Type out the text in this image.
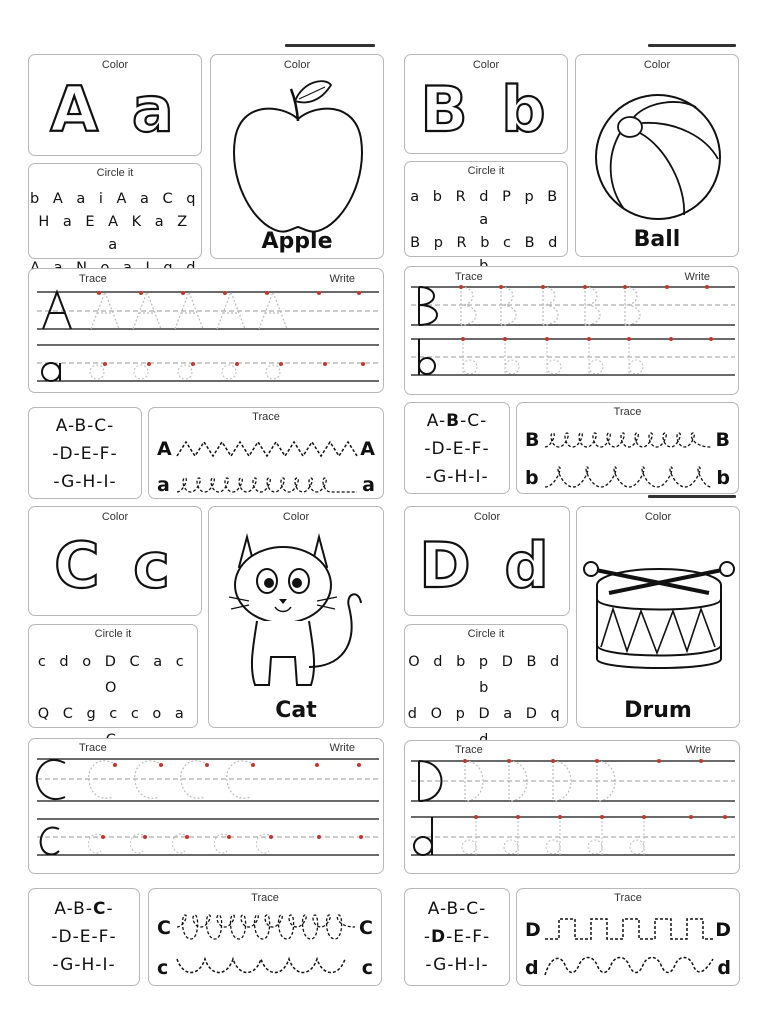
Color
A a
Circle it
b A a i A a C q
H a E A K a Z a
Color
Apple
Trace	Write
A-B-C-
-D-E-F-
-G-H-I-
Trace
A	A
a	a
Color
B b
Circle it
a b R d P p B a
B p R b c B d
Color
Ball
Trace	Write
A-B-C-
-D-E-F-
-G-H-I-
Trace
B	B
b	b
Color
C c
Circle it
c d o D C a c O
Q C g c c o a
Color
Cat
Trace	Write
A-B-C-
-D-E-F-
-G-H-I-
Trace
C	C
c	c
Color
D d
Circle it
O d b p D B d b
d O p D a D q
Color
Drum
Trace	Write
A-B-C-
-D-E-F-
-G-H-I-
Trace
D	D
d	d
